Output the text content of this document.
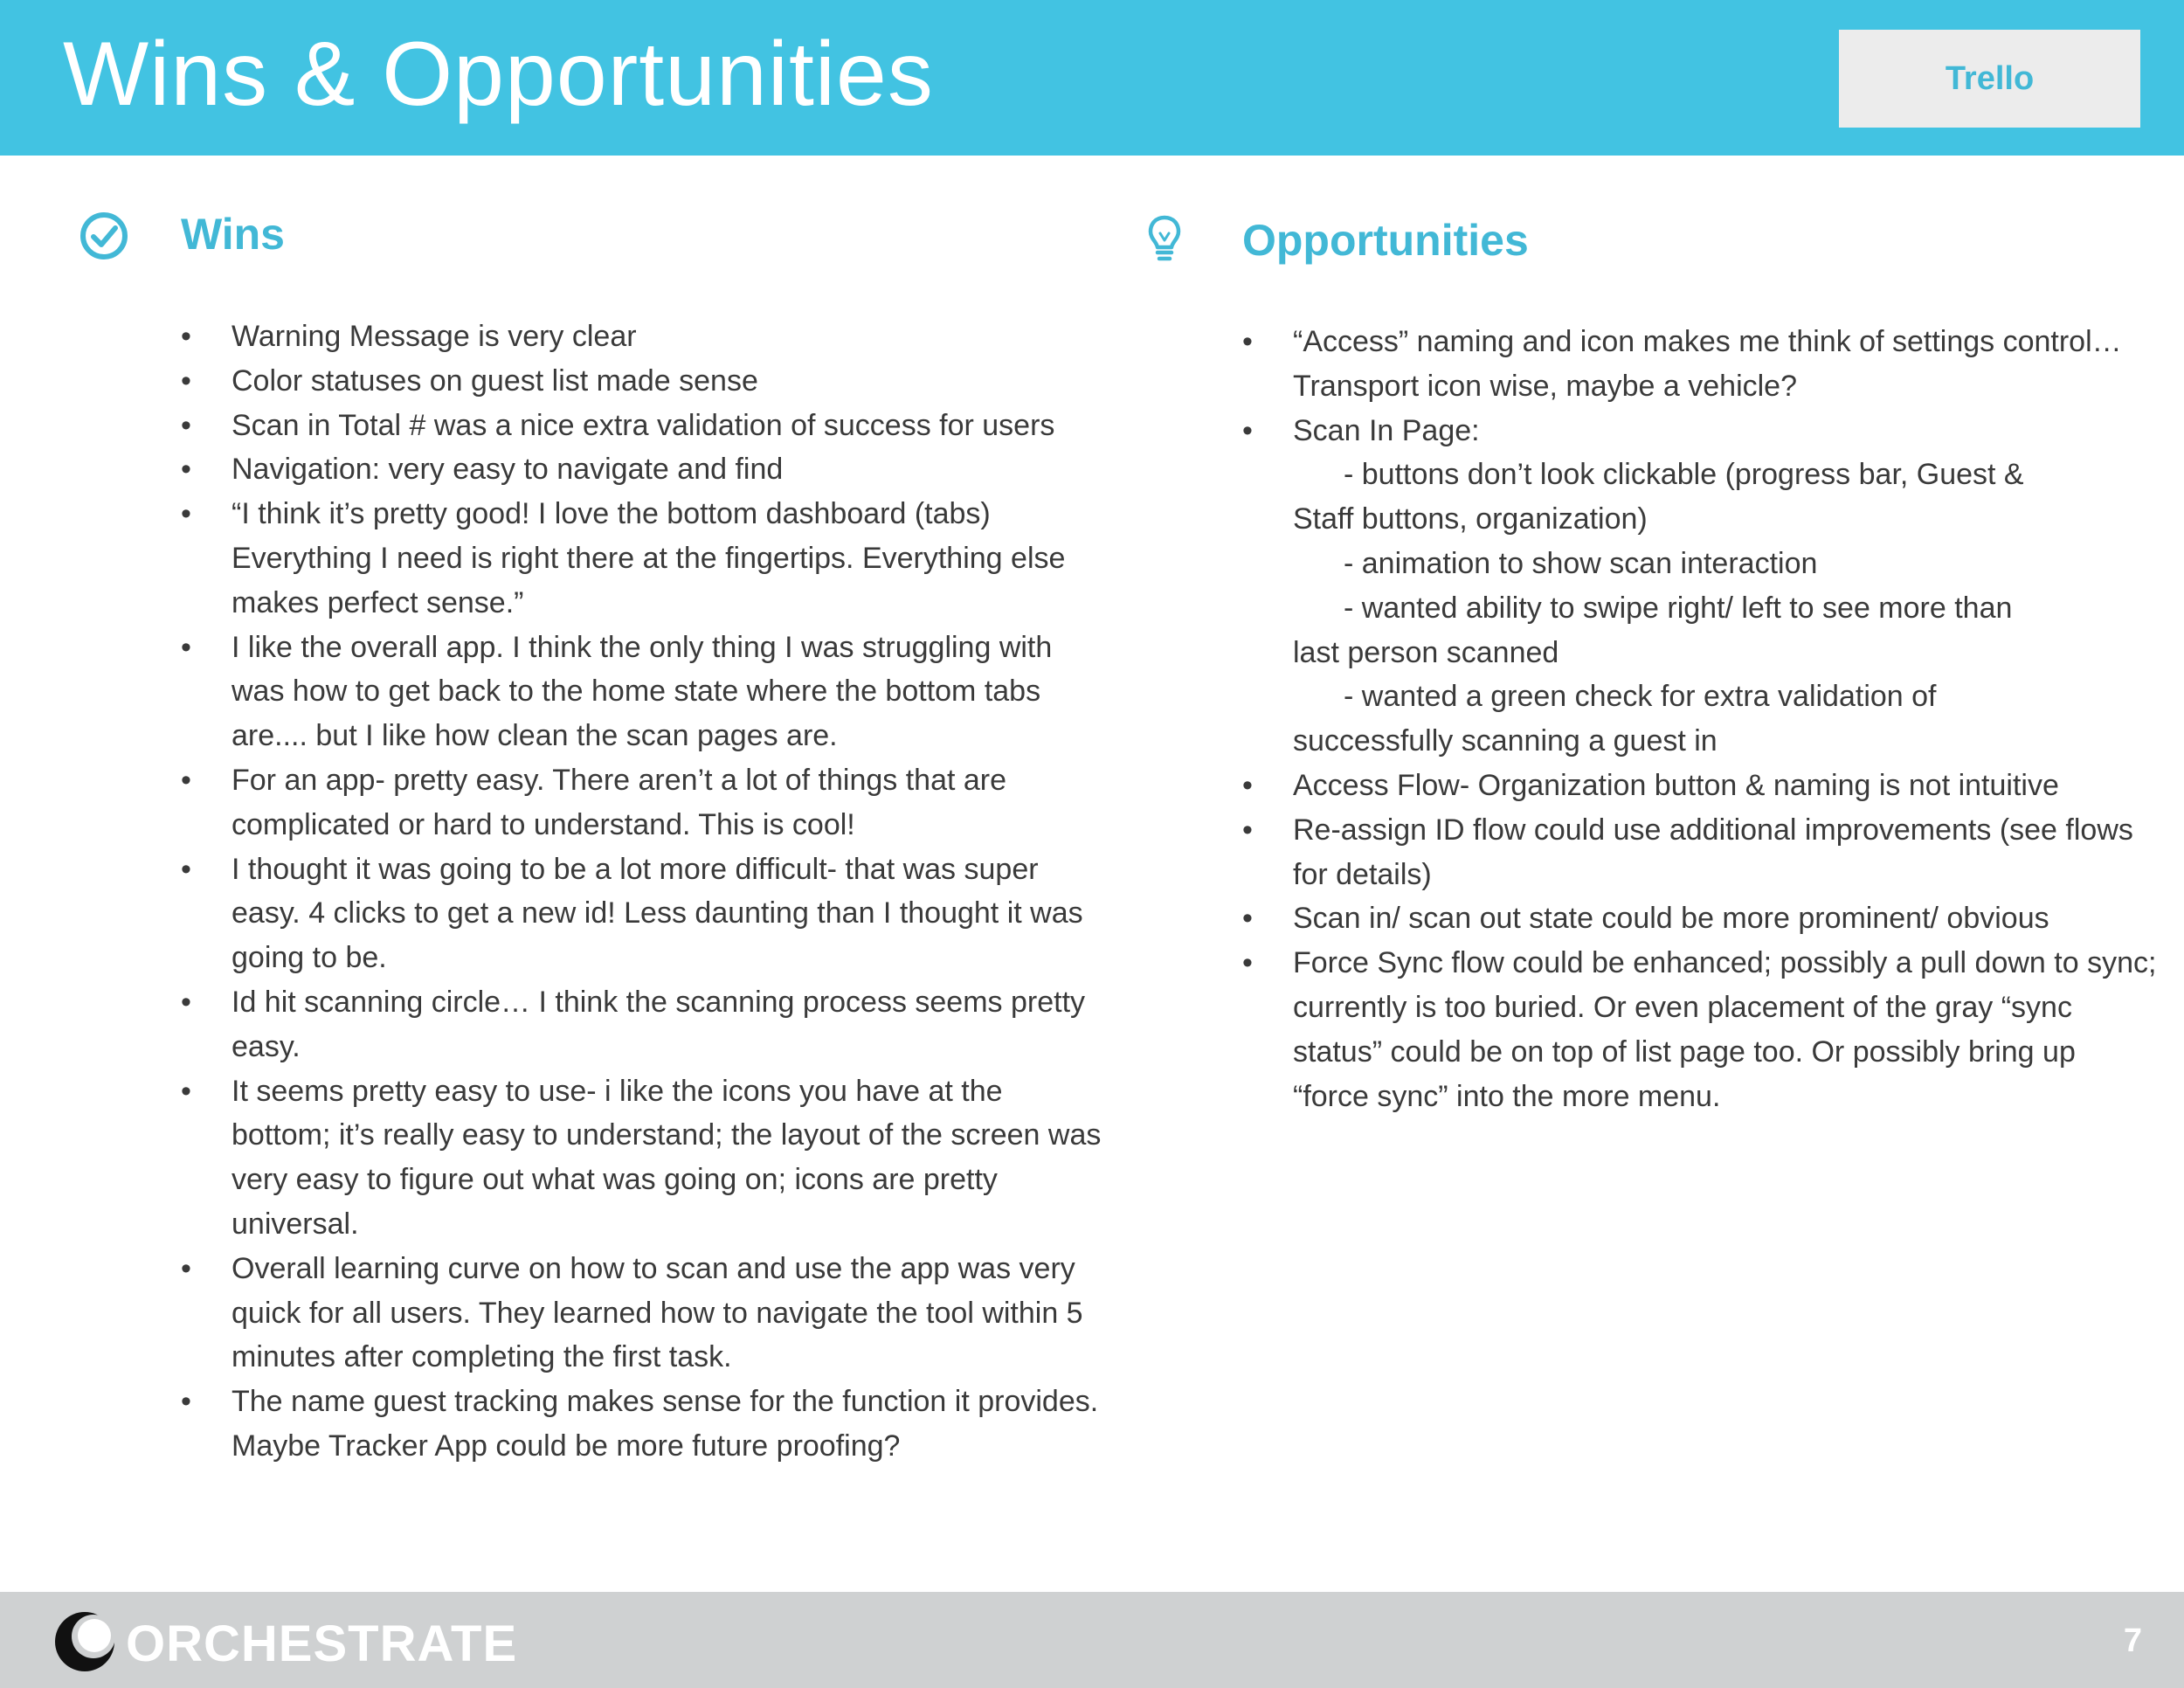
Wins & Opportunities	Trello
Wins
• Warning Message is very clear
• Color statuses on guest list made sense
• Scan in Total # was a nice extra validation of success for users
• Navigation: very easy to navigate and find
• “I think it’s pretty good! I love the bottom dashboard (tabs) Everything I need is right there at the fingertips. Everything else makes perfect sense.”
• I like the overall app. I think the only thing I was struggling with was how to get back to the home state where the bottom tabs are.... but I like how clean the scan pages are.
• For an app- pretty easy. There aren’t a lot of things that are complicated or hard to understand. This is cool!
• I thought it was going to be a lot more difficult- that was super easy. 4 clicks to get a new id! Less daunting than I thought it was going to be.
• Id hit scanning circle… I think the scanning process seems pretty easy.
• It seems pretty easy to use- i like the icons you have at the bottom; it’s really easy to understand; the layout of the screen was very easy to figure out what was going on; icons are pretty universal.
• Overall learning curve on how to scan and use the app was very quick for all users. They learned how to navigate the tool within 5 minutes after completing the first task.
• The name guest tracking makes sense for the function it provides. Maybe Tracker App could be more future proofing?
Opportunities
• “Access” naming and icon makes me think of settings control… Transport icon wise, maybe a vehicle?
• Scan In Page:
- buttons don’t look clickable (progress bar, Guest &
Staff buttons, organization)
- animation to show scan interaction
- wanted ability to swipe right/ left to see more than
last person scanned
- wanted a green check for extra validation of
successfully scanning a guest in
• Access Flow- Organization button & naming is not intuitive
• Re-assign ID flow could use additional improvements (see flows for details)
• Scan in/ scan out state could be more prominent/ obvious
• Force Sync flow could be enhanced; possibly a pull down to sync; currently is too buried. Or even placement of the gray “sync status” could be on top of list page too. Or possibly bring up “force sync” into the more menu.
ORCHESTRATE	7
